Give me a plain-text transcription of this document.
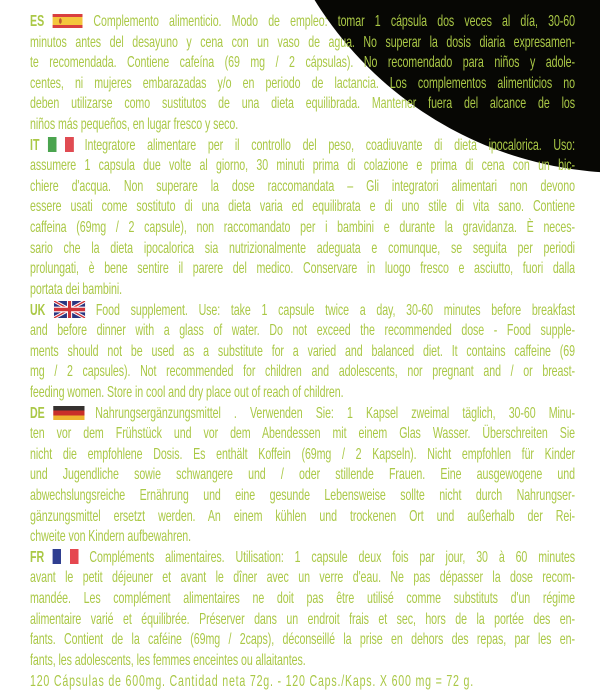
ES	Complemento alimenticio. Modo de empleo: tomar 1 cápsula dos veces al día, 30-60
minutos antes del desayuno y cena con un vaso de agua. No superar la dosis diaria expresamen-
te recomendada. Contiene cafeína (69 mg / 2 cápsulas). No recomendado para niños y adole-
centes, ni mujeres embarazadas y/o en periodo de lactancia. Los complementos alimenticios no
deben utilizarse como sustitutos de una dieta equilibrada. Mantener fuera del alcance de los
niños más pequeños, en lugar fresco y seco.
IT	Integratore alimentare per il controllo del peso, coadiuvante di dieta ipocalorica. Uso:
assumere 1 capsula due volte al giorno, 30 minuti prima di colazione e prima di cena con un bic-
chiere d'acqua. Non superare la dose raccomandata – Gli integratori alimentari non devono
essere usati come sostituto di una dieta varia ed equilibrata e di uno stile di vita sano. Contiene
caffeina (69mg / 2 capsule), non raccomandato per i bambini e durante la gravidanza. È neces-
sario che la dieta ipocalorica sia nutrizionalmente adeguata e comunque, se seguita per periodi
prolungati, è bene sentire il parere del medico. Conservare in luogo fresco e asciutto, fuori dalla
portata dei bambini.
UK	Food supplement. Use: take 1 capsule twice a day, 30-60 minutes before breakfast
and before dinner with a glass of water. Do not exceed the recommended dose - Food supple-
ments should not be used as a substitute for a varied and balanced diet. It contains caffeine (69
mg / 2 capsules). Not recommended for children and adolescents, nor pregnant and / or breast-
feeding women. Store in cool and dry place out of reach of children.
DE	Nahrungsergänzungsmittel . Verwenden Sie: 1 Kapsel zweimal täglich, 30-60 Minu-
ten vor dem Frühstück und vor dem Abendessen mit einem Glas Wasser. Überschreiten Sie
nicht die empfohlene Dosis. Es enthält Koffein (69mg / 2 Kapseln). Nicht empfohlen für Kinder
und Jugendliche sowie schwangere und / oder stillende Frauen. Eine ausgewogene und
abwechslungsreiche Ernährung und eine gesunde Lebensweise sollte nicht durch Nahrungser-
gänzungsmittel ersetzt werden. An einem kühlen und trockenen Ort und außerhalb der Rei-
chweite von Kindern aufbewahren.
FR	Compléments alimentaires. Utilisation: 1 capsule deux fois par jour, 30 à 60 minutes
avant le petit déjeuner et avant le dîner avec un verre d'eau. Ne pas dépasser la dose recom-
mandée. Les complément alimentaires ne doit pas être utilisé comme substituts d'un régime
alimentaire varié et équilibrée. Préserver dans un endroit frais et sec, hors de la portée des en-
fants. Contient de la caféine (69mg / 2caps), déconseillé la prise en dehors des repas, par les en-
fants, les adolescents, les femmes enceintes ou allaitantes.
120 Cápsulas de 600mg. Cantidad neta 72g. - 120 Caps./Kaps. X 600 mg = 72 g.
